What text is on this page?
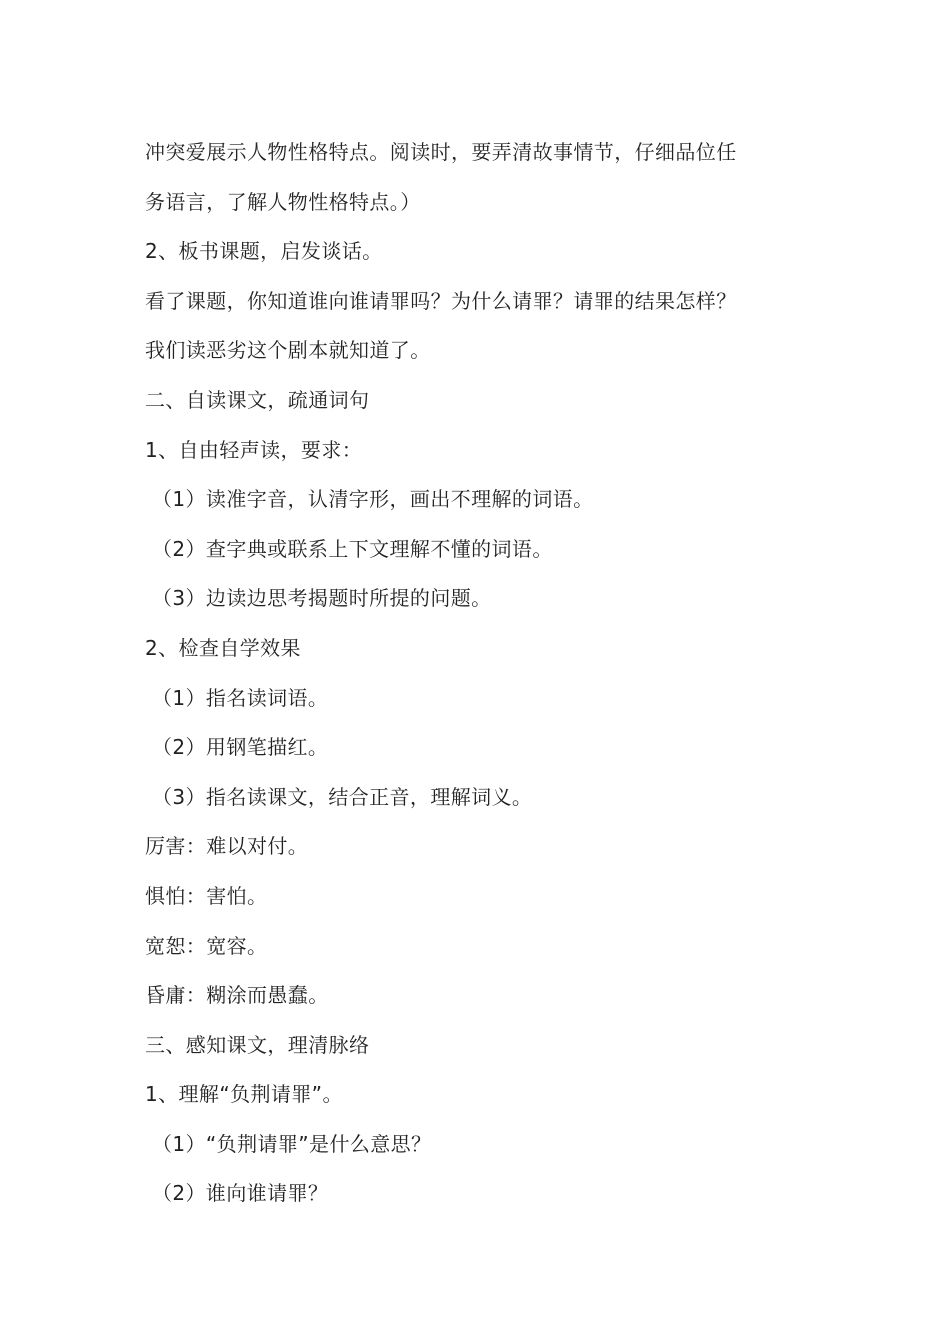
冲突爱展示人物性格特点。阅读时，要弄清故事情节，仔细品位任
务语言，了解人物性格特点。）
2、板书课题，启发谈话。
看了课题，你知道谁向谁请罪吗？为什么请罪？请罪的结果怎样？
我们读恶劣这个剧本就知道了。
二、自读课文，疏通词句
1、自由轻声读，要求：
（1）读准字音，认清字形，画出不理解的词语。
（2）查字典或联系上下文理解不懂的词语。
（3）边读边思考揭题时所提的问题。
2、检查自学效果
（1）指名读词语。
（2）用钢笔描红。
（3）指名读课文，结合正音，理解词义。
厉害：难以对付。
惧怕：害怕。
宽恕：宽容。
昏庸：糊涂而愚蠢。
三、感知课文，理清脉络
1、理解“负荆请罪”。
（1）“负荆请罪”是什么意思？
（2）谁向谁请罪？
